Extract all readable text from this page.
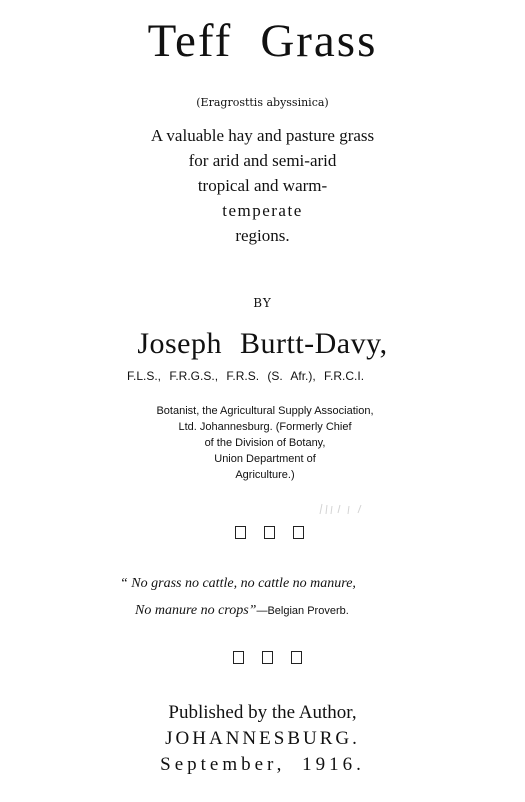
Teff Grass
(Eragrosttis abyssinica)
A valuable hay and pasture grass
for arid and semi-arid
tropical and warm-
temperate
regions.
BY
Joseph Burtt-Davy,
F.L.S., F.R.G.S., F.R.S. (S. Afr.), F.R.C.I.
Botanist, the Agricultural Supply Association,
Ltd. Johannesburg. (Formerly Chief
of the Division of Botany,
Union Department of
Agriculture.)
“ No grass no cattle, no cattle no manure,
No manure no crops”—Belgian Proverb.
Published by the Author,
JOHANNESBURG.
September, 1916.
